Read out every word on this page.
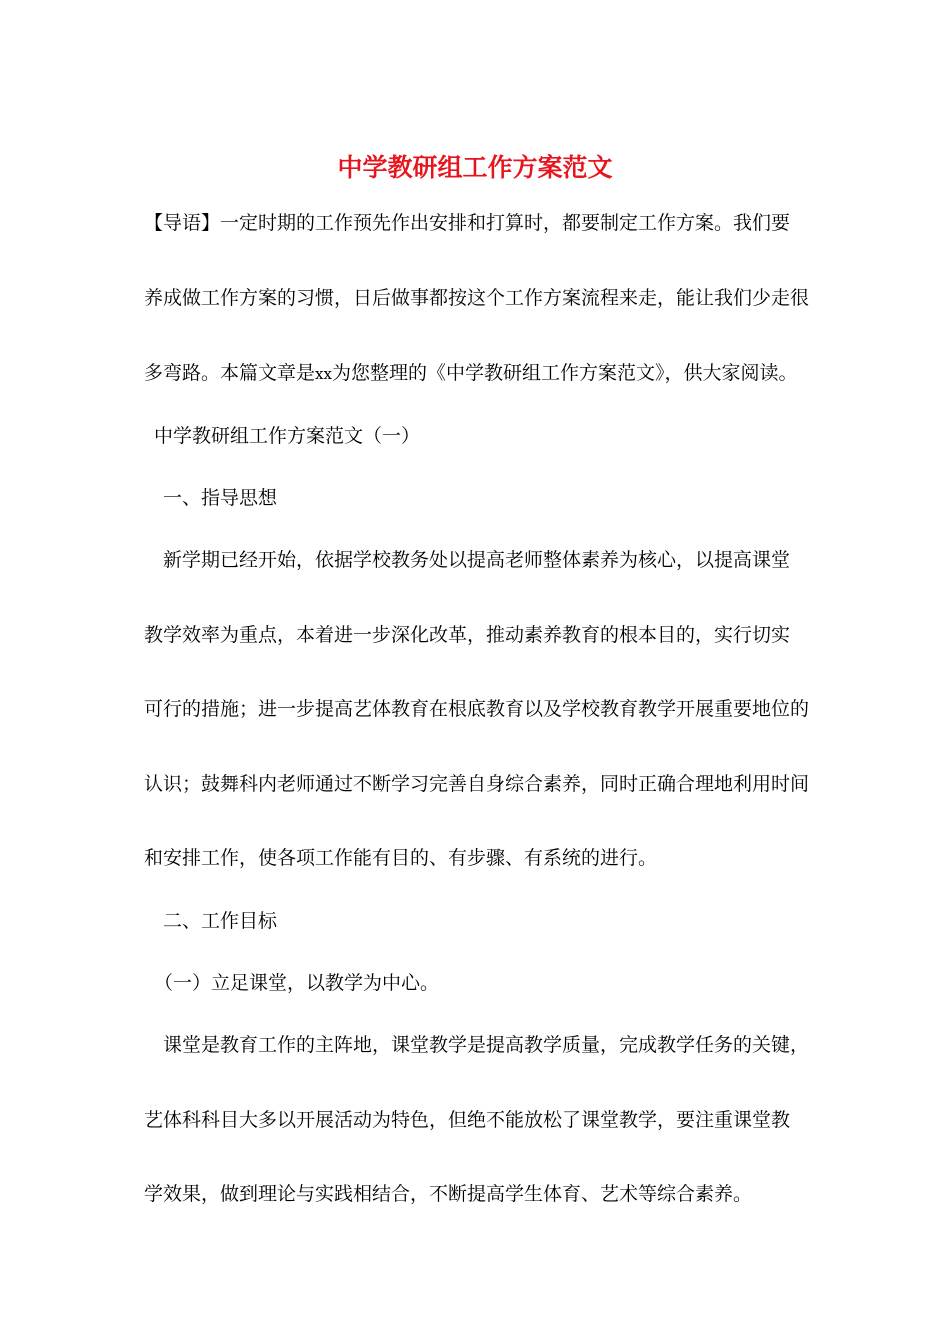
中学教研组工作方案范文
【导语】一定时期的工作预先作出安排和打算时，都要制定工作方案。我们要
养成做工作方案的习惯，日后做事都按这个工作方案流程来走，能让我们少走很
多弯路。本篇文章是xx为您整理的《中学教研组工作方案范文》，供大家阅读。
中学教研组工作方案范文（一）
一、指导思想
新学期已经开始，依据学校教务处以提高老师整体素养为核心，以提高课堂
教学效率为重点，本着进一步深化改革，推动素养教育的根本目的，实行切实
可行的措施；进一步提高艺体教育在根底教育以及学校教育教学开展重要地位的
认识；鼓舞科内老师通过不断学习完善自身综合素养，同时正确合理地利用时间
和安排工作，使各项工作能有目的、有步骤、有系统的进行。
二、工作目标
（一）立足课堂，以教学为中心。
课堂是教育工作的主阵地，课堂教学是提高教学质量，完成教学任务的关键，
艺体科科目大多以开展活动为特色，但绝不能放松了课堂教学，要注重课堂教
学效果，做到理论与实践相结合，不断提高学生体育、艺术等综合素养。
